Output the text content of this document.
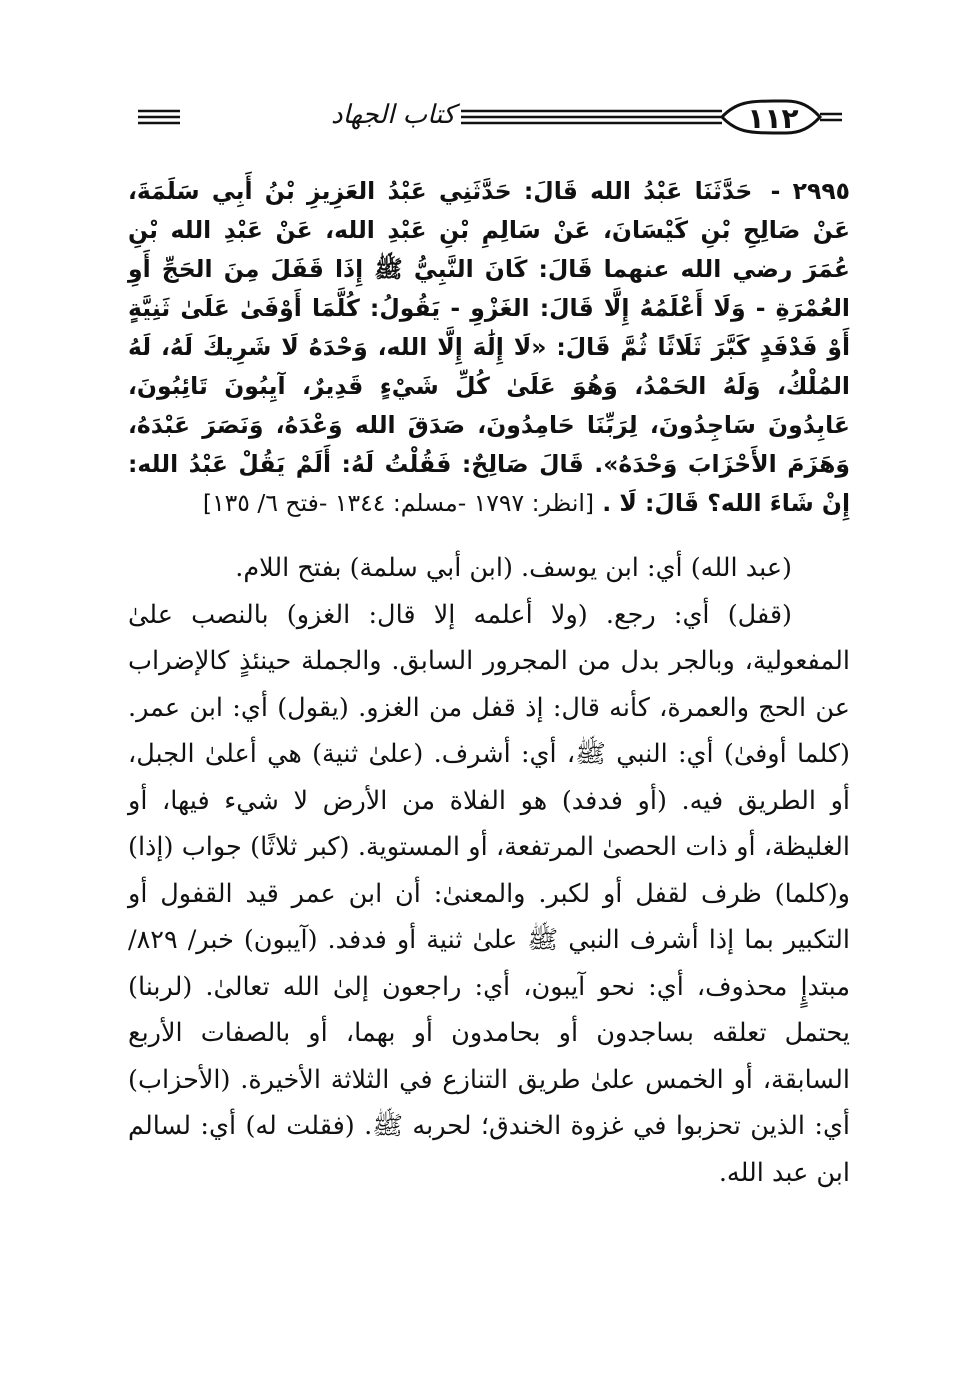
كتاب الجهاد	١١٢
٢٩٩٥ - حَدَّثَنَا عَبْدُ الله قَالَ: حَدَّثَنِي عَبْدُ العَزِيزِ بْنُ أَبِي سَلَمَةَ، عَنْ صَالِحِ بْنِ كَيْسَانَ، عَنْ سَالِمِ بْنِ عَبْدِ الله، عَنْ عَبْدِ الله بْنِ عُمَرَ رضي الله عنهما قَالَ: كَانَ النَّبِيُّ ﷺ إِذَا قَفَلَ مِنَ الحَجِّ أَوِ العُمْرَةِ - وَلَا أَعْلَمُهُ إِلَّا قَالَ: الغَزْوِ - يَقُولُ: كُلَّمَا أَوْفَىٰ عَلَىٰ ثَنِيَّةٍ أَوْ فَدْفَدٍ كَبَّرَ ثَلَاثًا ثُمَّ قَالَ: «لَا إِلَٰهَ إِلَّا الله، وَحْدَهُ لَا شَرِيكَ لَهُ، لَهُ المُلْكُ، وَلَهُ الحَمْدُ، وَهُوَ عَلَىٰ كُلِّ شَيْءٍ قَدِيرٌ، آيِبُونَ تَائِبُونَ، عَابِدُونَ سَاجِدُونَ، لِرَبِّنَا حَامِدُونَ، صَدَقَ الله وَعْدَهُ، وَنَصَرَ عَبْدَهُ، وَهَزَمَ الأَحْزَابَ وَحْدَهُ». قَالَ صَالِحٌ: فَقُلْتُ لَهُ: أَلَمْ يَقُلْ عَبْدُ الله: إِنْ شَاءَ الله؟ قَالَ: لَا . [انظر: ١٧٩٧ -مسلم: ١٣٤٤ -فتح ٦/ ١٣٥]

(عبد الله) أي: ابن يوسف. (ابن أبي سلمة) بفتح اللام.

(قفل) أي: رجع. (ولا أعلمه إلا قال: الغزو) بالنصب علىٰ المفعولية، وبالجر بدل من المجرور السابق. والجملة حينئذٍ كالإضراب عن الحج والعمرة، كأنه قال: إذ قفل من الغزو. (يقول) أي: ابن عمر.(كلما أوفىٰ) أي: النبي ﷺ، أي: أشرف. (علىٰ ثنية) هي أعلىٰ الجبل، أو الطريق فيه. (أو فدفد) هو الفلاة من الأرض لا شيء فيها، أو الغليظة، أو ذات الحصىٰ المرتفعة، أو المستوية. (كبر ثلاثًا) جواب (إذا) و(كلما) ظرف لقفل أو لكبر. والمعنىٰ: أن ابن عمر قيد القفول أو التكبير بما إذا أشرف النبي ﷺ علىٰ ثنية أو فدفد. (آيبون) خبر/ ٨٢٩/ مبتدإٍ محذوف، أي: نحو آيبون، أي: راجعون إلىٰ الله تعالىٰ. (لربنا) يحتمل تعلقه بساجدون أو بحامدون أو بهما، أو بالصفات الأربع السابقة، أو الخمس علىٰ طريق التنازع في الثلاثة الأخيرة. (الأحزاب) أي: الذين تحزبوا في غزوة الخندق؛ لحربه ﷺ. (فقلت له) أي: لسالم ابن عبد الله.
